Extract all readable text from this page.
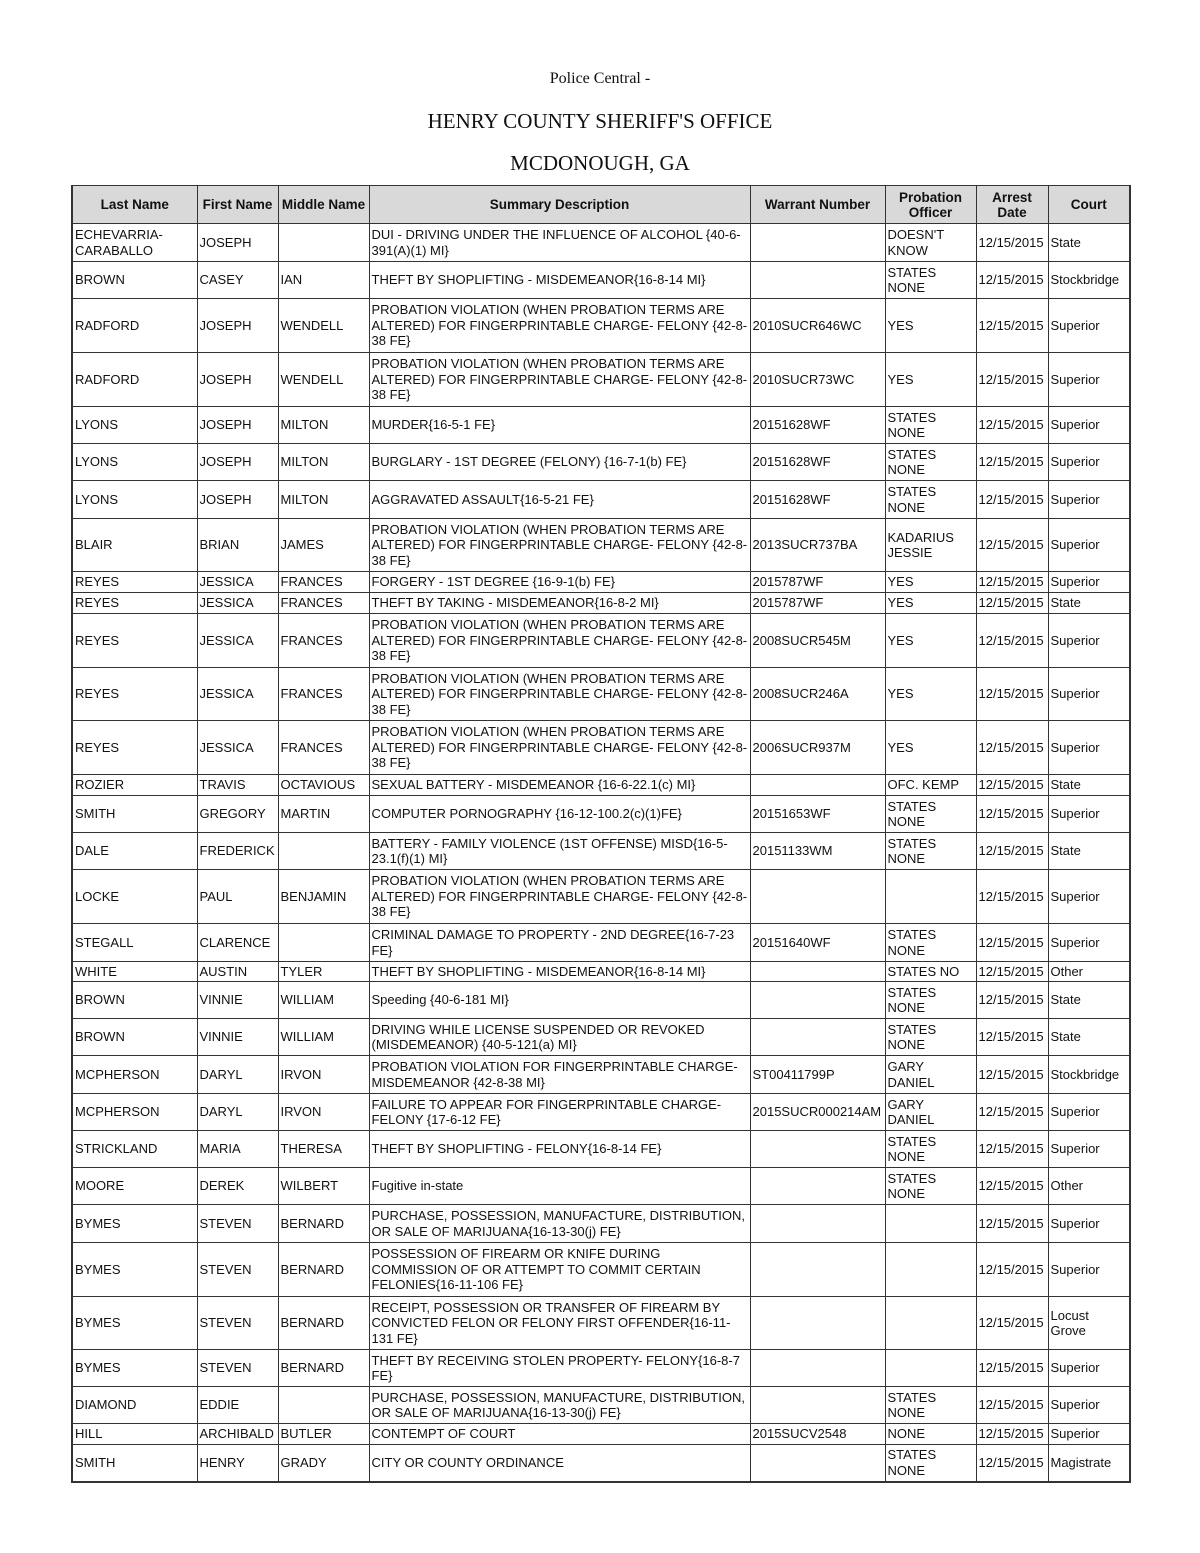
Police Central -
HENRY COUNTY SHERIFF'S OFFICE
MCDONOUGH, GA
Last Name	First Name	Middle Name	Summary Description	Warrant Number	Probation Officer	Arrest Date	Court
ECHEVARRIA-CARABALLO	JOSEPH		DUI - DRIVING UNDER THE INFLUENCE OF ALCOHOL {40-6-391(A)(1) MI}		DOESN'T KNOW	12/15/2015	State
BROWN	CASEY	IAN	THEFT BY SHOPLIFTING - MISDEMEANOR{16-8-14 MI}		STATES NONE	12/15/2015	Stockbridge
RADFORD	JOSEPH	WENDELL	PROBATION VIOLATION (WHEN PROBATION TERMS ARE ALTERED) FOR FINGERPRINTABLE CHARGE- FELONY {42-8-38 FE}	2010SUCR646WC	YES	12/15/2015	Superior
RADFORD	JOSEPH	WENDELL	PROBATION VIOLATION (WHEN PROBATION TERMS ARE ALTERED) FOR FINGERPRINTABLE CHARGE- FELONY {42-8-38 FE}	2010SUCR73WC	YES	12/15/2015	Superior
LYONS	JOSEPH	MILTON	MURDER{16-5-1 FE}	20151628WF	STATES NONE	12/15/2015	Superior
LYONS	JOSEPH	MILTON	BURGLARY - 1ST DEGREE (FELONY) {16-7-1(b) FE}	20151628WF	STATES NONE	12/15/2015	Superior
LYONS	JOSEPH	MILTON	AGGRAVATED ASSAULT{16-5-21 FE}	20151628WF	STATES NONE	12/15/2015	Superior
BLAIR	BRIAN	JAMES	PROBATION VIOLATION (WHEN PROBATION TERMS ARE ALTERED) FOR FINGERPRINTABLE CHARGE- FELONY {42-8-38 FE}	2013SUCR737BA	KADARIUS JESSIE	12/15/2015	Superior
REYES	JESSICA	FRANCES	FORGERY - 1ST DEGREE {16-9-1(b) FE}	2015787WF	YES	12/15/2015	Superior
REYES	JESSICA	FRANCES	THEFT BY TAKING - MISDEMEANOR{16-8-2 MI}	2015787WF	YES	12/15/2015	State
REYES	JESSICA	FRANCES	PROBATION VIOLATION (WHEN PROBATION TERMS ARE ALTERED) FOR FINGERPRINTABLE CHARGE- FELONY {42-8-38 FE}	2008SUCR545M	YES	12/15/2015	Superior
REYES	JESSICA	FRANCES	PROBATION VIOLATION (WHEN PROBATION TERMS ARE ALTERED) FOR FINGERPRINTABLE CHARGE- FELONY {42-8-38 FE}	2008SUCR246A	YES	12/15/2015	Superior
REYES	JESSICA	FRANCES	PROBATION VIOLATION (WHEN PROBATION TERMS ARE ALTERED) FOR FINGERPRINTABLE CHARGE- FELONY {42-8-38 FE}	2006SUCR937M	YES	12/15/2015	Superior
ROZIER	TRAVIS	OCTAVIOUS	SEXUAL BATTERY - MISDEMEANOR {16-6-22.1(c) MI}		OFC. KEMP	12/15/2015	State
SMITH	GREGORY	MARTIN	COMPUTER PORNOGRAPHY {16-12-100.2(c)(1)FE}	20151653WF	STATES NONE	12/15/2015	Superior
DALE	FREDERICK		BATTERY - FAMILY VIOLENCE (1ST OFFENSE) MISD{16-5-23.1(f)(1) MI}	20151133WM	STATES NONE	12/15/2015	State
LOCKE	PAUL	BENJAMIN	PROBATION VIOLATION (WHEN PROBATION TERMS ARE ALTERED) FOR FINGERPRINTABLE CHARGE- FELONY {42-8-38 FE}			12/15/2015	Superior
STEGALL	CLARENCE		CRIMINAL DAMAGE TO PROPERTY - 2ND DEGREE{16-7-23 FE}	20151640WF	STATES NONE	12/15/2015	Superior
WHITE	AUSTIN	TYLER	THEFT BY SHOPLIFTING - MISDEMEANOR{16-8-14 MI}		STATES NO	12/15/2015	Other
BROWN	VINNIE	WILLIAM	Speeding {40-6-181 MI}		STATES NONE	12/15/2015	State
BROWN	VINNIE	WILLIAM	DRIVING WHILE LICENSE SUSPENDED OR REVOKED (MISDEMEANOR) {40-5-121(a) MI}		STATES NONE	12/15/2015	State
MCPHERSON	DARYL	IRVON	PROBATION VIOLATION FOR FINGERPRINTABLE CHARGE- MISDEMEANOR {42-8-38 MI}	ST00411799P	GARY DANIEL	12/15/2015	Stockbridge
MCPHERSON	DARYL	IRVON	FAILURE TO APPEAR FOR FINGERPRINTABLE CHARGE- FELONY {17-6-12 FE}	2015SUCR000214AM	GARY DANIEL	12/15/2015	Superior
STRICKLAND	MARIA	THERESA	THEFT BY SHOPLIFTING - FELONY{16-8-14 FE}		STATES NONE	12/15/2015	Superior
MOORE	DEREK	WILBERT	Fugitive in-state		STATES NONE	12/15/2015	Other
BYMES	STEVEN	BERNARD	PURCHASE, POSSESSION, MANUFACTURE, DISTRIBUTION, OR SALE OF MARIJUANA{16-13-30(j) FE}			12/15/2015	Superior
BYMES	STEVEN	BERNARD	POSSESSION OF FIREARM OR KNIFE DURING COMMISSION OF OR ATTEMPT TO COMMIT CERTAIN FELONIES{16-11-106 FE}			12/15/2015	Superior
BYMES	STEVEN	BERNARD	RECEIPT, POSSESSION OR TRANSFER OF FIREARM BY CONVICTED FELON OR FELONY FIRST OFFENDER{16-11-131 FE}			12/15/2015	Locust Grove
BYMES	STEVEN	BERNARD	THEFT BY RECEIVING STOLEN PROPERTY- FELONY{16-8-7 FE}			12/15/2015	Superior
DIAMOND	EDDIE		PURCHASE, POSSESSION, MANUFACTURE, DISTRIBUTION, OR SALE OF MARIJUANA{16-13-30(j) FE}		STATES NONE	12/15/2015	Superior
HILL	ARCHIBALD	BUTLER	CONTEMPT OF COURT	2015SUCV2548	NONE	12/15/2015	Superior
SMITH	HENRY	GRADY	CITY OR COUNTY ORDINANCE		STATES NONE	12/15/2015	Magistrate
